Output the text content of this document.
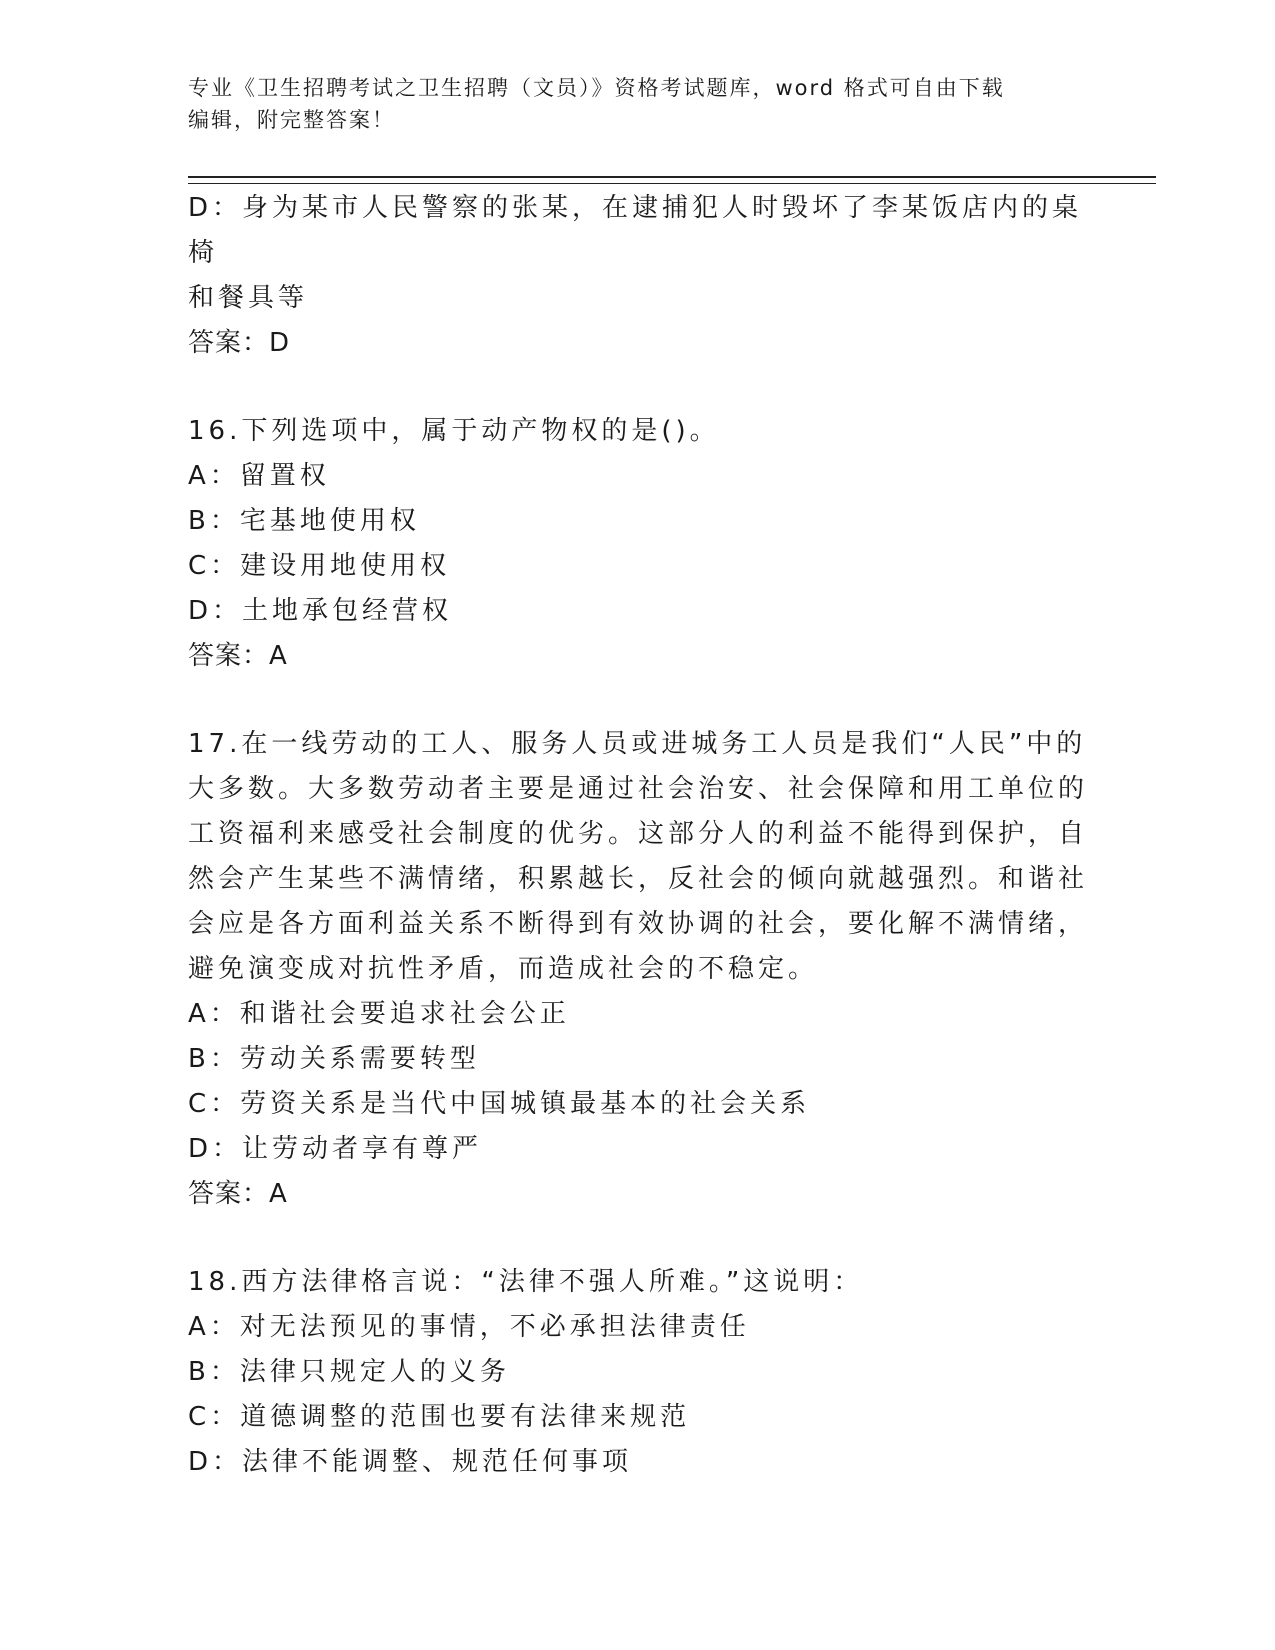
专业《卫生招聘考试之卫生招聘（文员）》资格考试题库，word 格式可自由下载
编辑，附完整答案！

D：身为某市人民警察的张某，在逮捕犯人时毁坏了李某饭店内的桌椅

和餐具等

答案：D

16.下列选项中，属于动产物权的是()。

A：留置权

B：宅基地使用权

C：建设用地使用权

D：土地承包经营权

答案：A

17.在一线劳动的工人、服务人员或进城务工人员是我们“人民”中的

大多数。大多数劳动者主要是通过社会治安、社会保障和用工单位的

工资福利来感受社会制度的优劣。这部分人的利益不能得到保护，自

然会产生某些不满情绪，积累越长，反社会的倾向就越强烈。和谐社

会应是各方面利益关系不断得到有效协调的社会，要化解不满情绪，

避免演变成对抗性矛盾，而造成社会的不稳定。

A：和谐社会要追求社会公正

B：劳动关系需要转型

C：劳资关系是当代中国城镇最基本的社会关系

D：让劳动者享有尊严

答案：A

18.西方法律格言说：“法律不强人所难。”这说明：

A：对无法预见的事情，不必承担法律责任

B：法律只规定人的义务

C：道德调整的范围也要有法律来规范

D：法律不能调整、规范任何事项
